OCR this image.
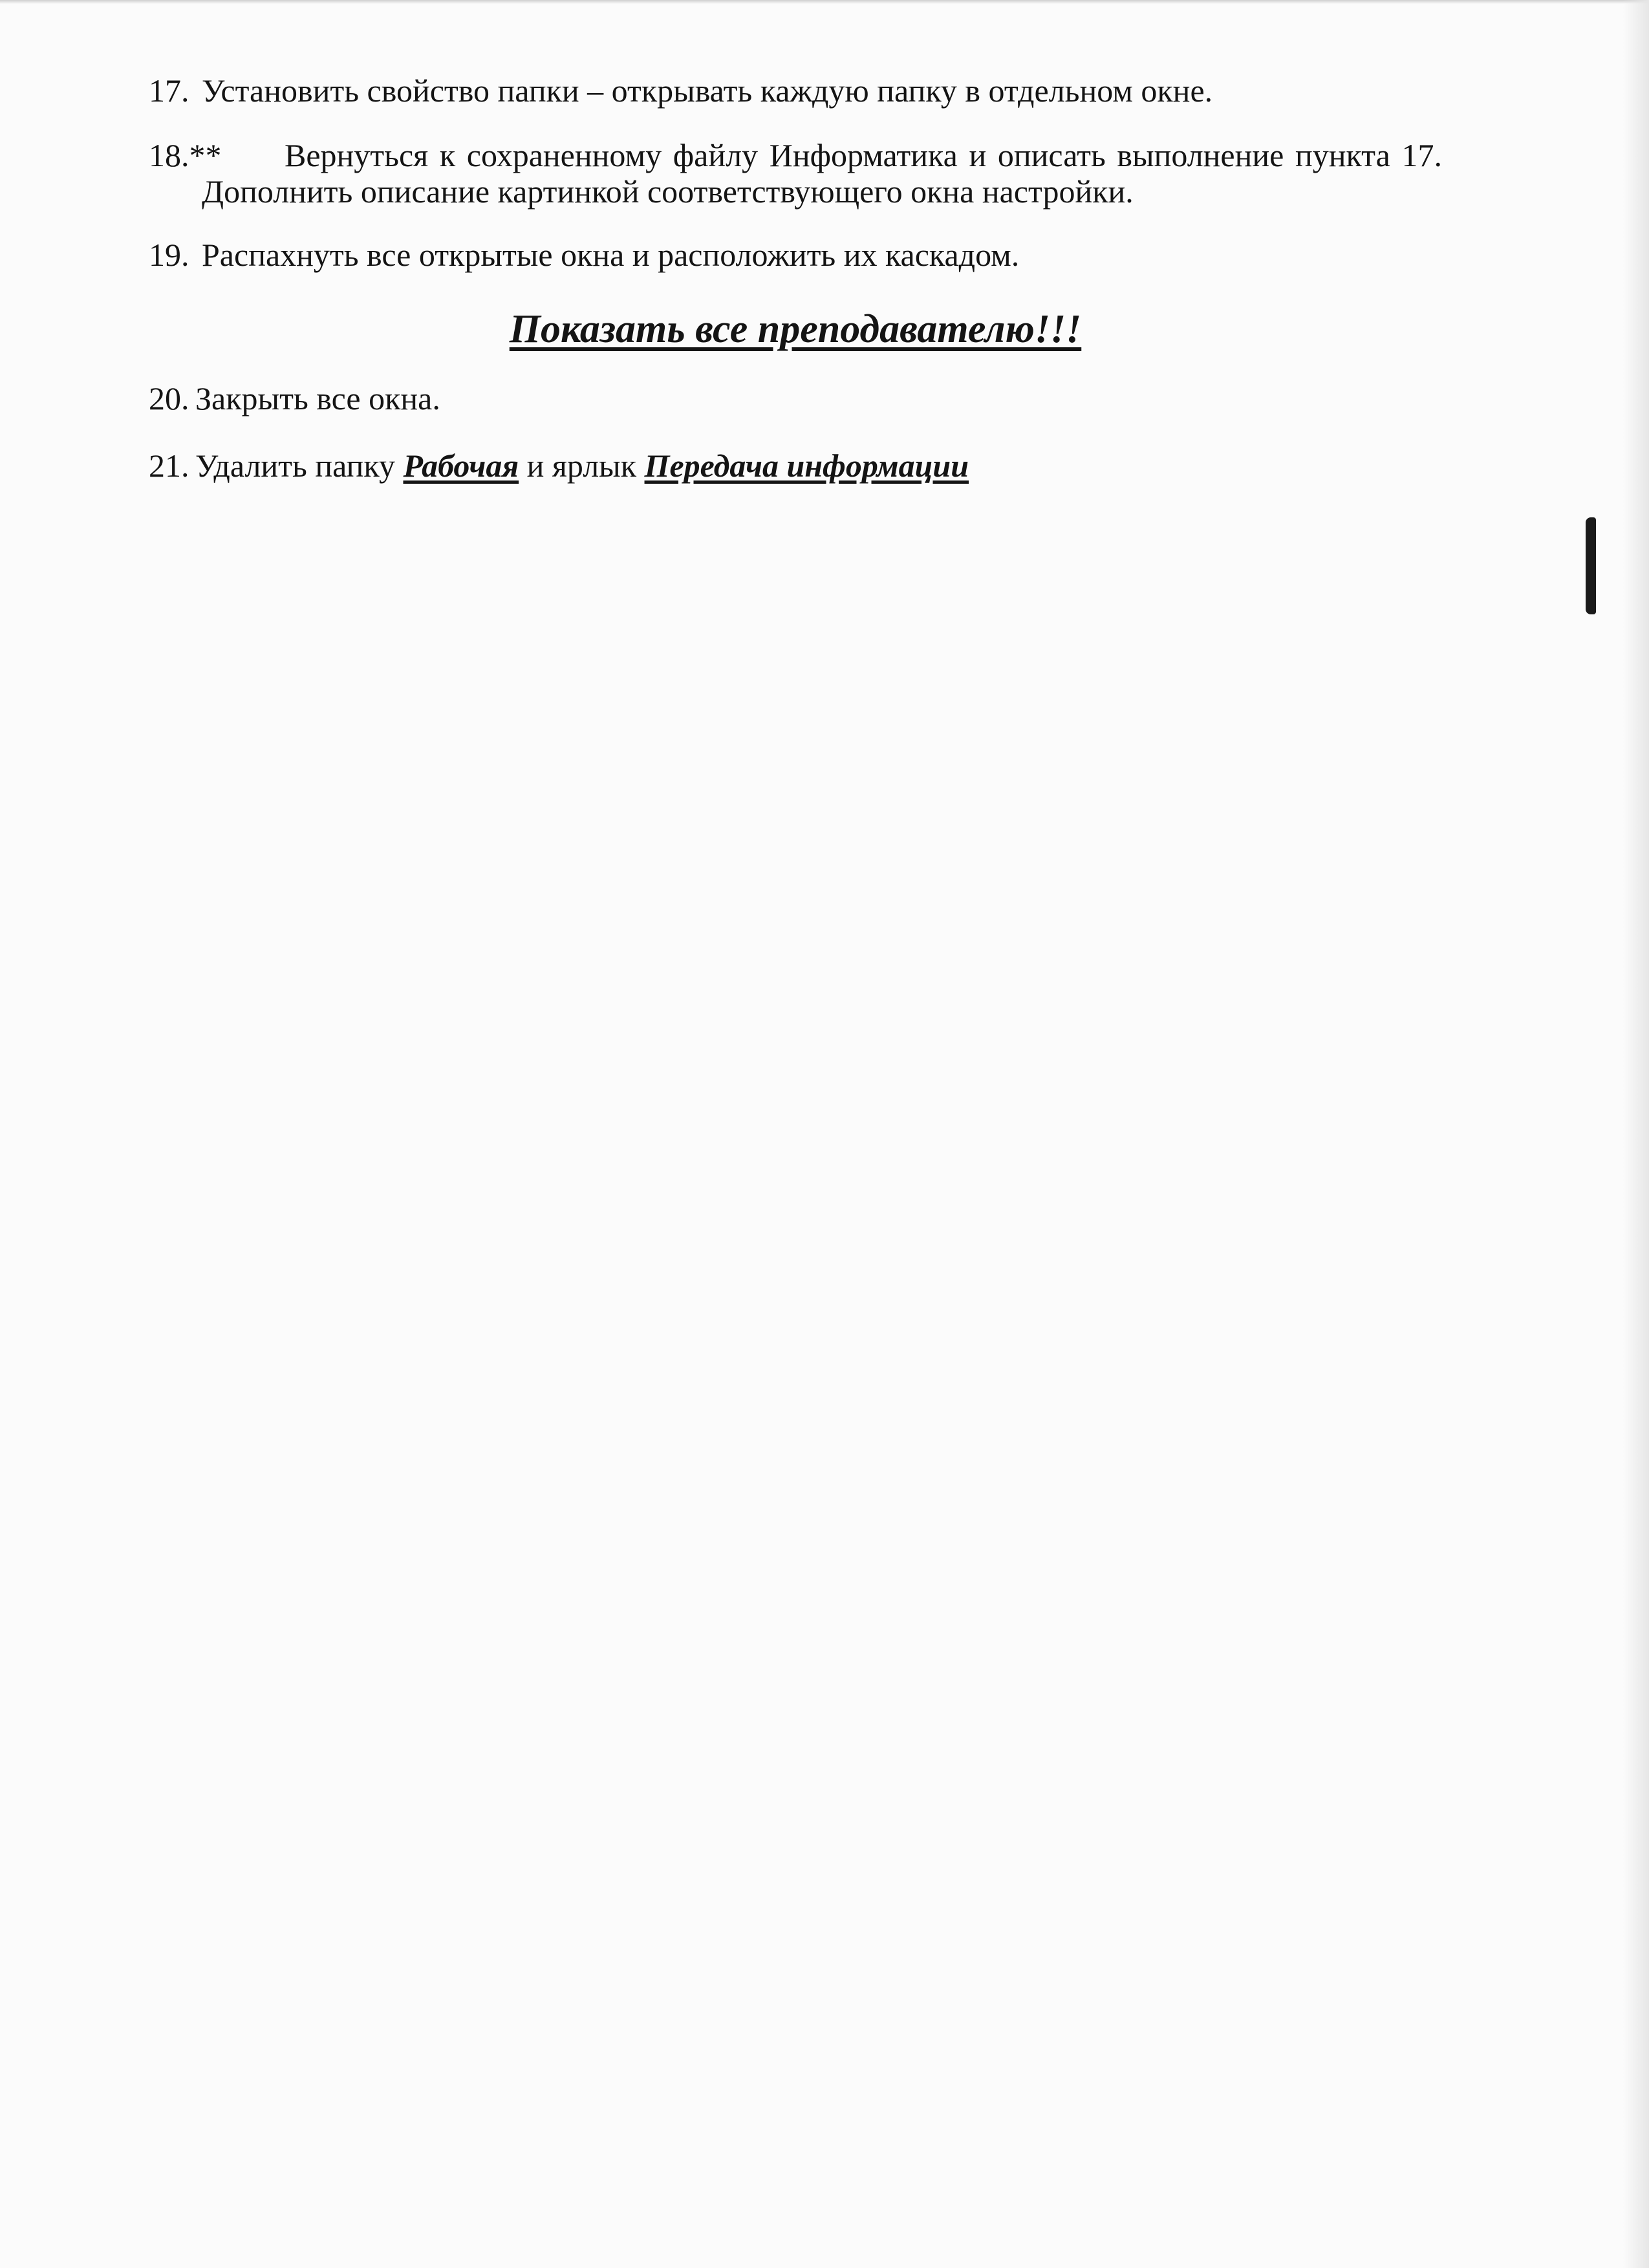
17. Установить свойство папки – открывать каждую папку в отдельном окне.
18.**	Вернуться к сохраненному файлу Информатика и описать выполнение пункта 17. Дополнить описание картинкой соответствующего окна настройки.
19. Распахнуть все открытые окна и расположить их каскадом.
Показать все преподавателю!!!
20. Закрыть все окна.
21. Удалить папку Рабочая и ярлык Передача информации
